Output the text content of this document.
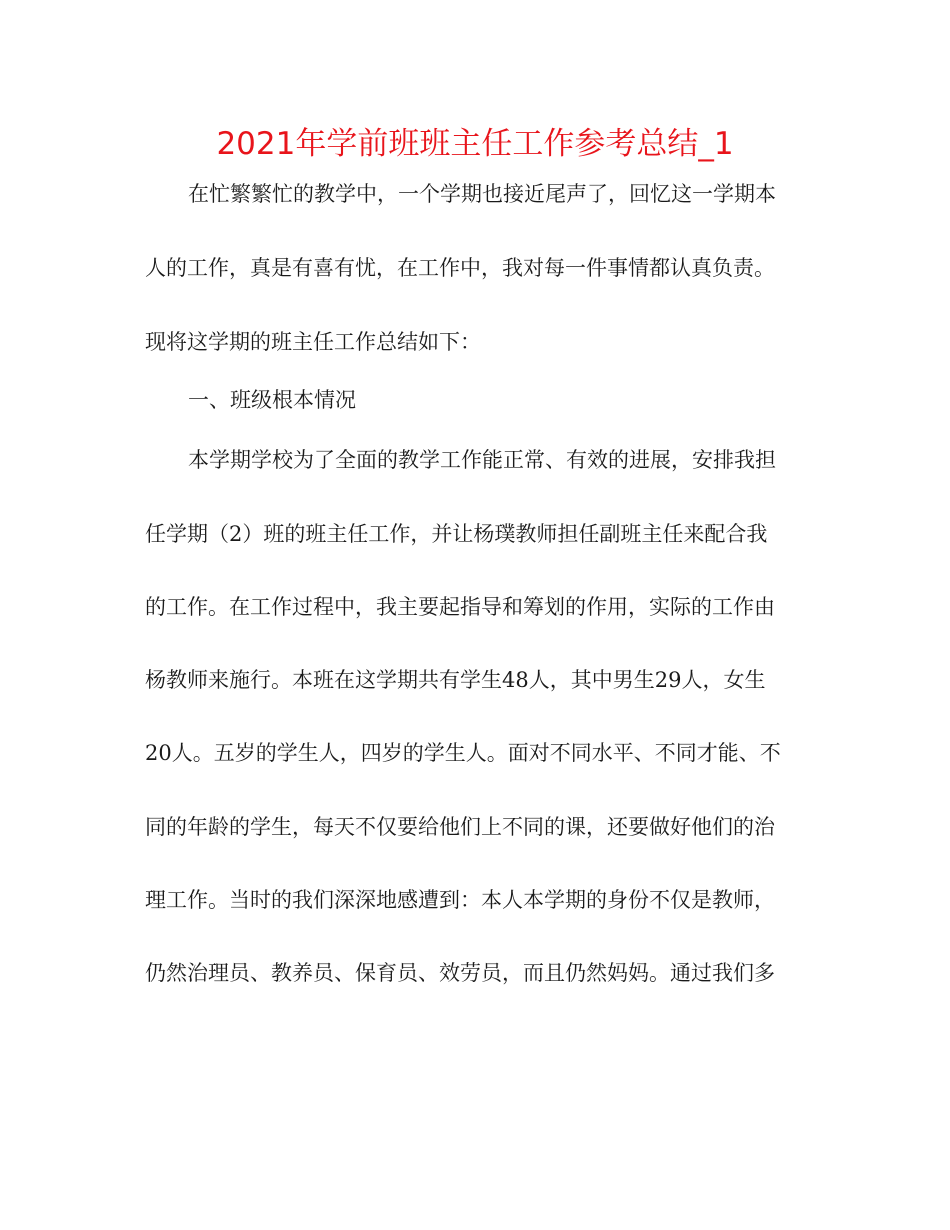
2021年学前班班主任工作参考总结_1
在忙繁繁忙的教学中，一个学期也接近尾声了，回忆这一学期本
人的工作，真是有喜有忧，在工作中，我对每一件事情都认真负责。
现将这学期的班主任工作总结如下：
一、班级根本情况
本学期学校为了全面的教学工作能正常、有效的进展，安排我担
任学期（2）班的班主任工作，并让杨璞教师担任副班主任来配合我
的工作。在工作过程中，我主要起指导和筹划的作用，实际的工作由
杨教师来施行。本班在这学期共有学生48人，其中男生29人，女生
20人。五岁的学生人，四岁的学生人。面对不同水平、不同才能、不
同的年龄的学生，每天不仅要给他们上不同的课，还要做好他们的治
理工作。当时的我们深深地感遭到：本人本学期的身份不仅是教师，
仍然治理员、教养员、保育员、效劳员，而且仍然妈妈。通过我们多
